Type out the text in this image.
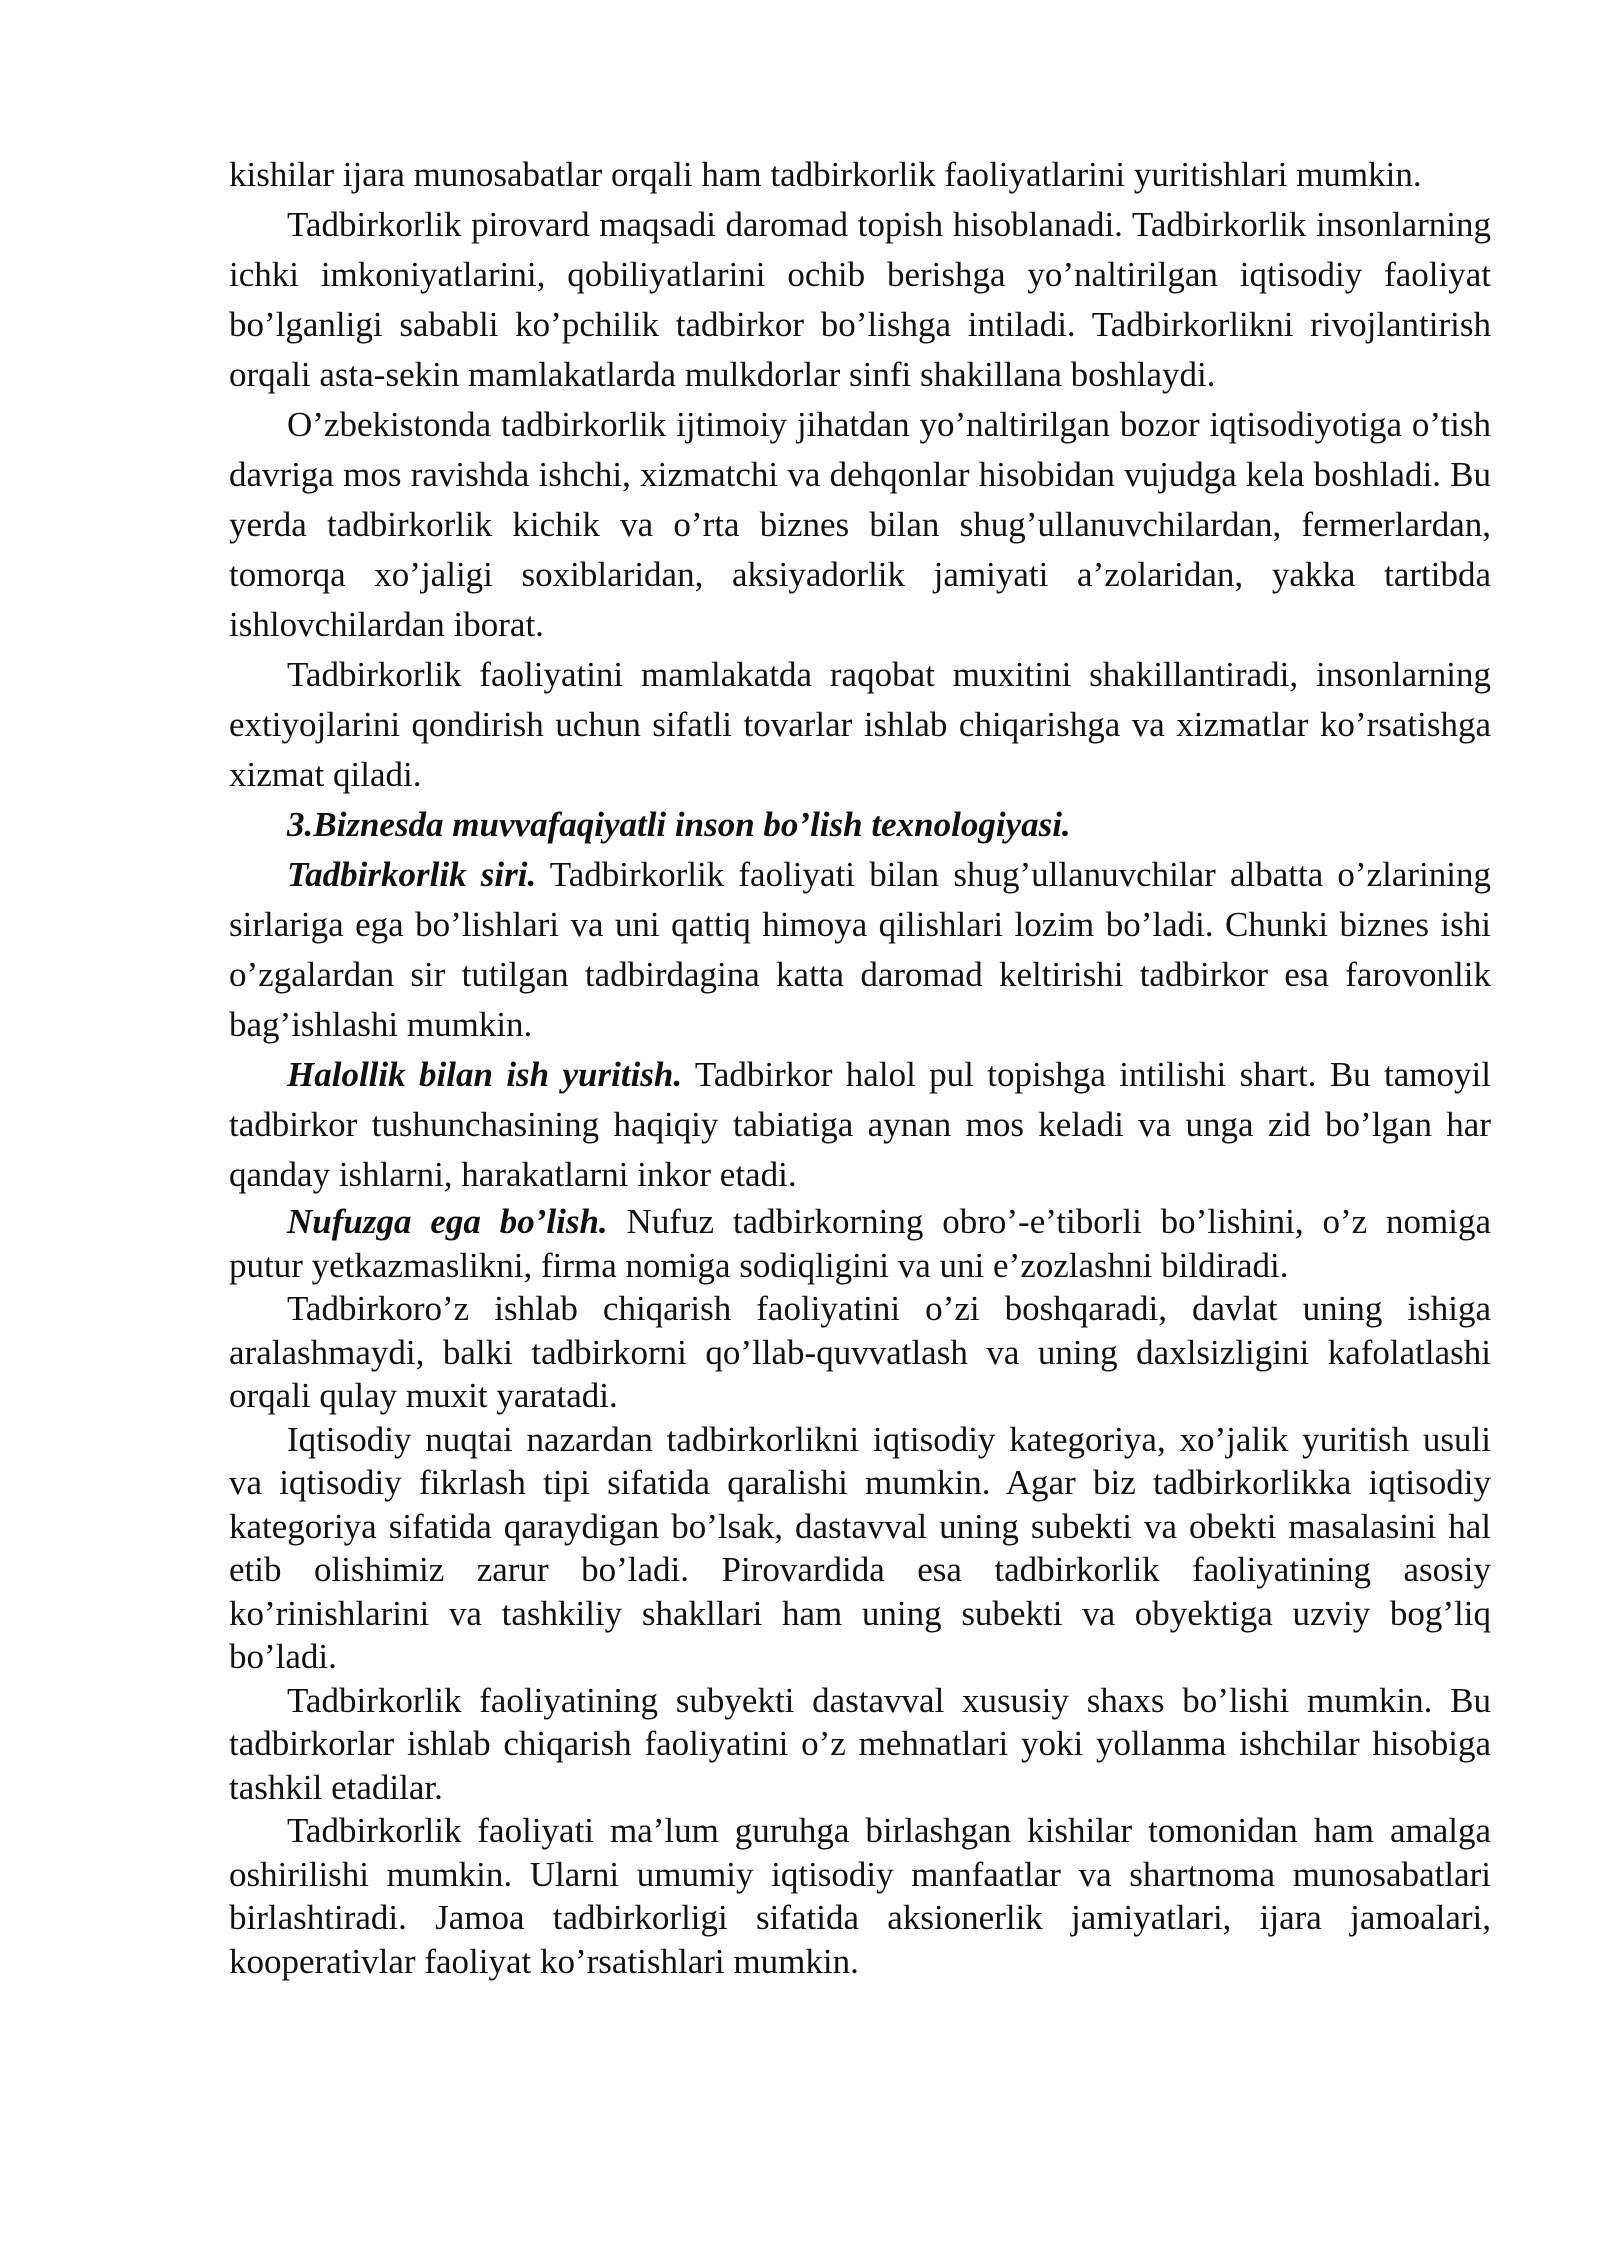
kishilar ijara munosabatlar orqali ham tadbirkorlik faoliyatlarini yuritishlari mumkin.

Tadbirkorlik pirovard maqsadi daromad topish hisoblanadi. Tadbirkorlik insonlarning ichki imkoniyatlarini, qobiliyatlarini ochib berishga yo’naltirilgan iqtisodiy faoliyat bo’lganligi sababli ko’pchilik tadbirkor bo’lishga intiladi. Tadbirkorlikni rivojlantirish orqali asta-sekin mamlakatlarda mulkdorlar sinfi shakillana boshlaydi.

O’zbekistonda tadbirkorlik ijtimoiy jihatdan yo’naltirilgan bozor iqtisodiyotiga o’tish davriga mos ravishda ishchi, xizmatchi va dehqonlar hisobidan vujudga kela boshladi. Bu yerda tadbirkorlik kichik va o’rta biznes bilan shug’ullanuvchilardan, fermerlardan, tomorqa xo’jaligi soxiblaridan, aksiyadorlik jamiyati a’zolaridan, yakka tartibda ishlovchilardan iborat.

Tadbirkorlik faoliyatini mamlakatda raqobat muxitini shakillantiradi, insonlarning extiyojlarini qondirish uchun sifatli tovarlar ishlab chiqarishga va xizmatlar ko’rsatishga xizmat qiladi.

3.Biznesda muvvafaqiyatli inson bo’lish texnologiyasi.

Tadbirkorlik siri. Tadbirkorlik faoliyati bilan shug’ullanuvchilar albatta o’zlarining sirlariga ega bo’lishlari va uni qattiq himoya qilishlari lozim bo’ladi. Chunki biznes ishi o’zgalardan sir tutilgan tadbirdagina katta daromad keltirishi tadbirkor esa farovonlik bag’ishlashi mumkin.

Halollik bilan ish yuritish. Tadbirkor halol pul topishga intilishi shart. Bu tamoyil tadbirkor tushunchasining haqiqiy tabiatiga aynan mos keladi va unga zid bo’lgan har qanday ishlarni, harakatlarni inkor etadi.

Nufuzga ega bo’lish. Nufuz tadbirkorning obro’-e’tiborli bo’lishini, o’z nomiga putur yetkazmaslikni, firma nomiga sodiqligini va uni e’zozlashni bildiradi.

Tadbirkoro’z ishlab chiqarish faoliyatini o’zi boshqaradi, davlat uning ishiga aralashmaydi, balki tadbirkorni qo’llab-quvvatlash va uning daxlsizligini kafolatlashi orqali qulay muxit yaratadi.

Iqtisodiy nuqtai nazardan tadbirkorlikni iqtisodiy kategoriya, xo’jalik yuritish usuli va iqtisodiy fikrlash tipi sifatida qaralishi mumkin. Agar biz tadbirkorlikka iqtisodiy kategoriya sifatida qaraydigan bo’lsak, dastavval uning subekti va obekti masalasini hal etib olishimiz zarur bo’ladi. Pirovardida esa tadbirkorlik faoliyatining asosiy ko’rinishlarini va tashkiliy shakllari ham uning subekti va obyektiga uzviy bog’liq bo’ladi.

Tadbirkorlik faoliyatining subyekti dastavval xususiy shaxs bo’lishi mumkin. Bu tadbirkorlar ishlab chiqarish faoliyatini o’z mehnatlari yoki yollanma ishchilar hisobiga tashkil etadilar.

Tadbirkorlik faoliyati ma’lum guruhga birlashgan kishilar tomonidan ham amalga oshirilishi mumkin. Ularni umumiy iqtisodiy manfaatlar va shartnoma munosabatlari birlashtiradi. Jamoa tadbirkorligi sifatida aksionerlik jamiyatlari, ijara jamoalari, kooperativlar faoliyat ko’rsatishlari mumkin.
